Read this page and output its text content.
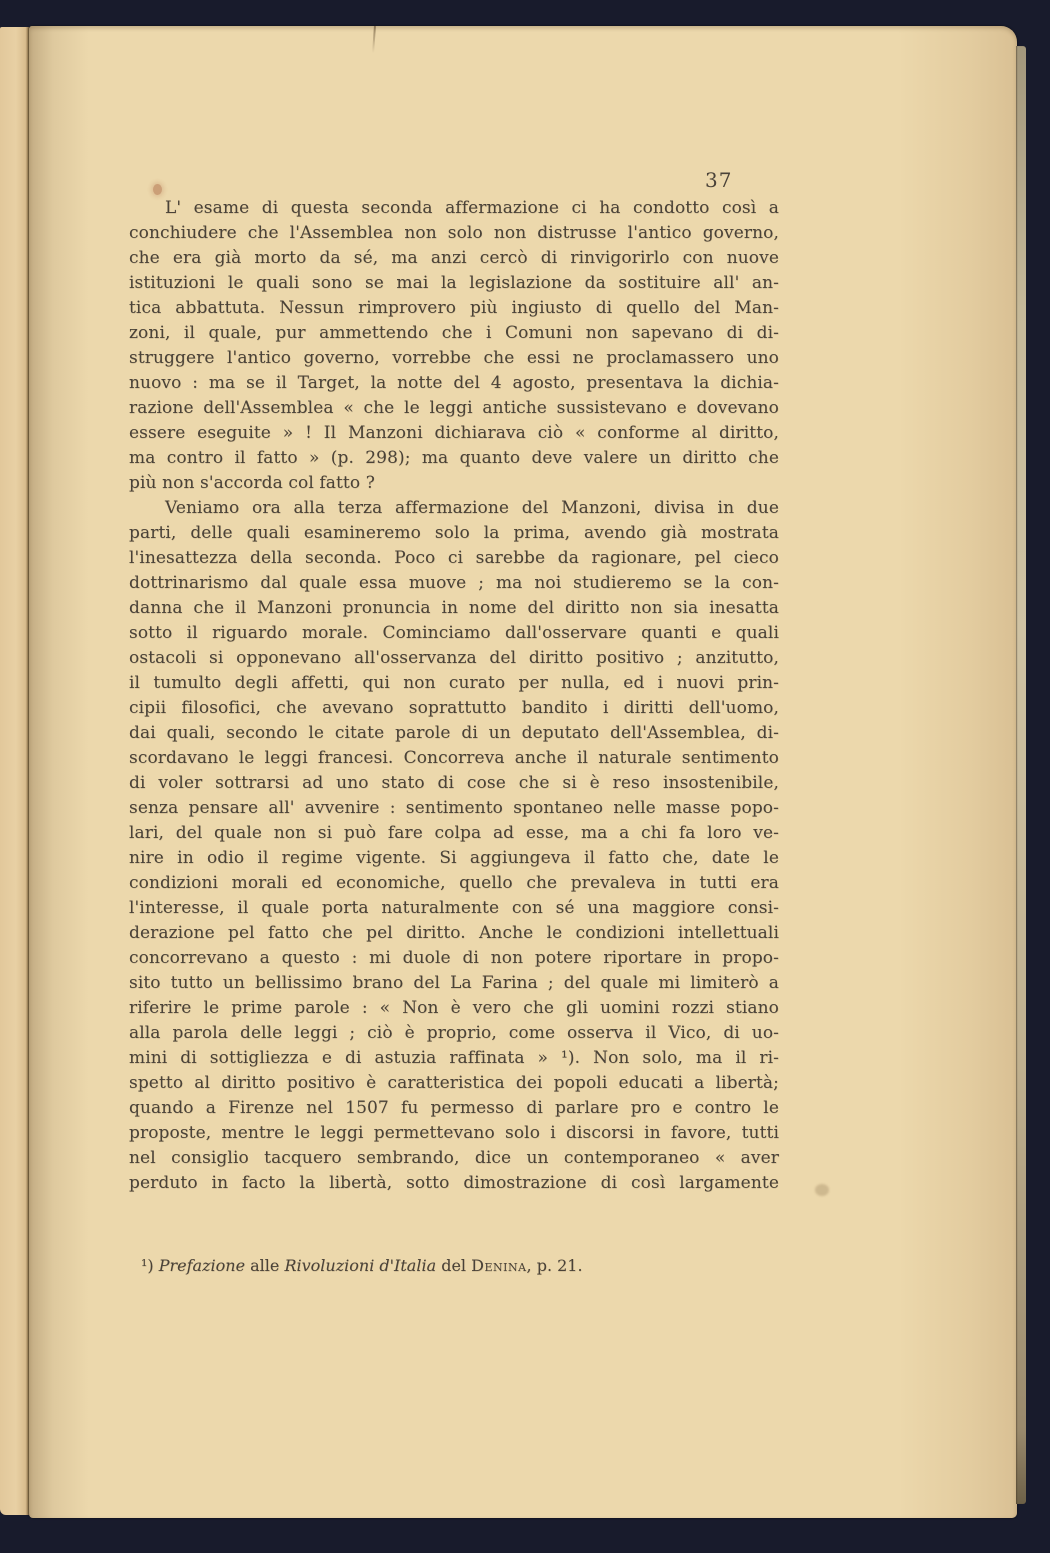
37
L' esame di questa seconda affermazione ci ha condotto così a
conchiudere che l'Assemblea non solo non distrusse l'antico governo,
che era già morto da sé, ma anzi cercò di rinvigorirlo con nuove
istituzioni le quali sono se mai la legislazione da sostituire all' an-
tica abbattuta. Nessun rimprovero più ingiusto di quello del Man-
zoni, il quale, pur ammettendo che i Comuni non sapevano di di-
struggere l'antico governo, vorrebbe che essi ne proclamassero uno
nuovo : ma se il Target, la notte del 4 agosto, presentava la dichia-
razione dell'Assemblea « che le leggi antiche sussistevano e dovevano
essere eseguite » ! Il Manzoni dichiarava ciò « conforme al diritto,
ma contro il fatto » (p. 298); ma quanto deve valere un diritto che
più non s'accorda col fatto ?
Veniamo ora alla terza affermazione del Manzoni, divisa in due
parti, delle quali esamineremo solo la prima, avendo già mostrata
l'inesattezza della seconda. Poco ci sarebbe da ragionare, pel cieco
dottrinarismo dal quale essa muove ; ma noi studieremo se la con-
danna che il Manzoni pronuncia in nome del diritto non sia inesatta
sotto il riguardo morale. Cominciamo dall'osservare quanti e quali
ostacoli si opponevano all'osservanza del diritto positivo ; anzitutto,
il tumulto degli affetti, qui non curato per nulla, ed i nuovi prin-
cipii filosofici, che avevano soprattutto bandito i diritti dell'uomo,
dai quali, secondo le citate parole di un deputato dell'Assemblea, di-
scordavano le leggi francesi. Concorreva anche il naturale sentimento
di voler sottrarsi ad uno stato di cose che si è reso insostenibile,
senza pensare all' avvenire : sentimento spontaneo nelle masse popo-
lari, del quale non si può fare colpa ad esse, ma a chi fa loro ve-
nire in odio il regime vigente. Si aggiungeva il fatto che, date le
condizioni morali ed economiche, quello che prevaleva in tutti era
l'interesse, il quale porta naturalmente con sé una maggiore consi-
derazione pel fatto che pel diritto. Anche le condizioni intellettuali
concorrevano a questo : mi duole di non potere riportare in propo-
sito tutto un bellissimo brano del La Farina ; del quale mi limiterò a
riferire le prime parole : « Non è vero che gli uomini rozzi stiano
alla parola delle leggi ; ciò è proprio, come osserva il Vico, di uo-
mini di sottigliezza e di astuzia raffinata » ¹). Non solo, ma il ri-
spetto al diritto positivo è caratteristica dei popoli educati a libertà;
quando a Firenze nel 1507 fu permesso di parlare pro e contro le
proposte, mentre le leggi permettevano solo i discorsi in favore, tutti
nel consiglio tacquero sembrando, dice un contemporaneo « aver
perduto in facto la libertà, sotto dimostrazione di così largamente
¹) Prefazione alle Rivoluzioni d'Italia del Denina, p. 21.
